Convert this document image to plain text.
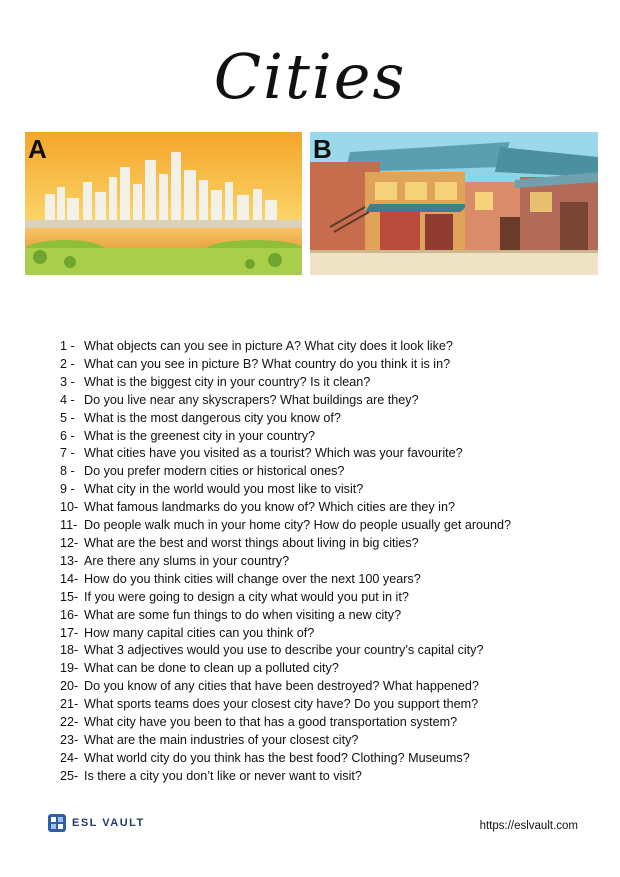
Cities
A	B
1 - What objects can you see in picture A? What city does it look like?
2 - What can you see in picture B? What country do you think it is in?
3 - What is the biggest city in your country? Is it clean?
4 - Do you live near any skyscrapers? What buildings are they?
5 - What is the most dangerous city you know of?
6 - What is the greenest city in your country?
7 - What cities have you visited as a tourist? Which was your favourite?
8 - Do you prefer modern cities or historical ones?
9 - What city in the world would you most like to visit?
10- What famous landmarks do you know of? Which cities are they in?
11- Do people walk much in your home city? How do people usually get around?
12- What are the best and worst things about living in big cities?
13- Are there any slums in your country?
14- How do you think cities will change over the next 100 years?
15- If you were going to design a city what would you put in it?
16- What are some fun things to do when visiting a new city?
17- How many capital cities can you think of?
18- What 3 adjectives would you use to describe your country’s capital city?
19- What can be done to clean up a polluted city?
20- Do you know of any cities that have been destroyed? What happened?
21- What sports teams does your closest city have? Do you support them?
22- What city have you been to that has a good transportation system?
23- What are the main industries of your closest city?
24- What world city do you think has the best food? Clothing? Museums?
25- Is there a city you don’t like or never want to visit?
ESL VAULT	https://eslvault.com
